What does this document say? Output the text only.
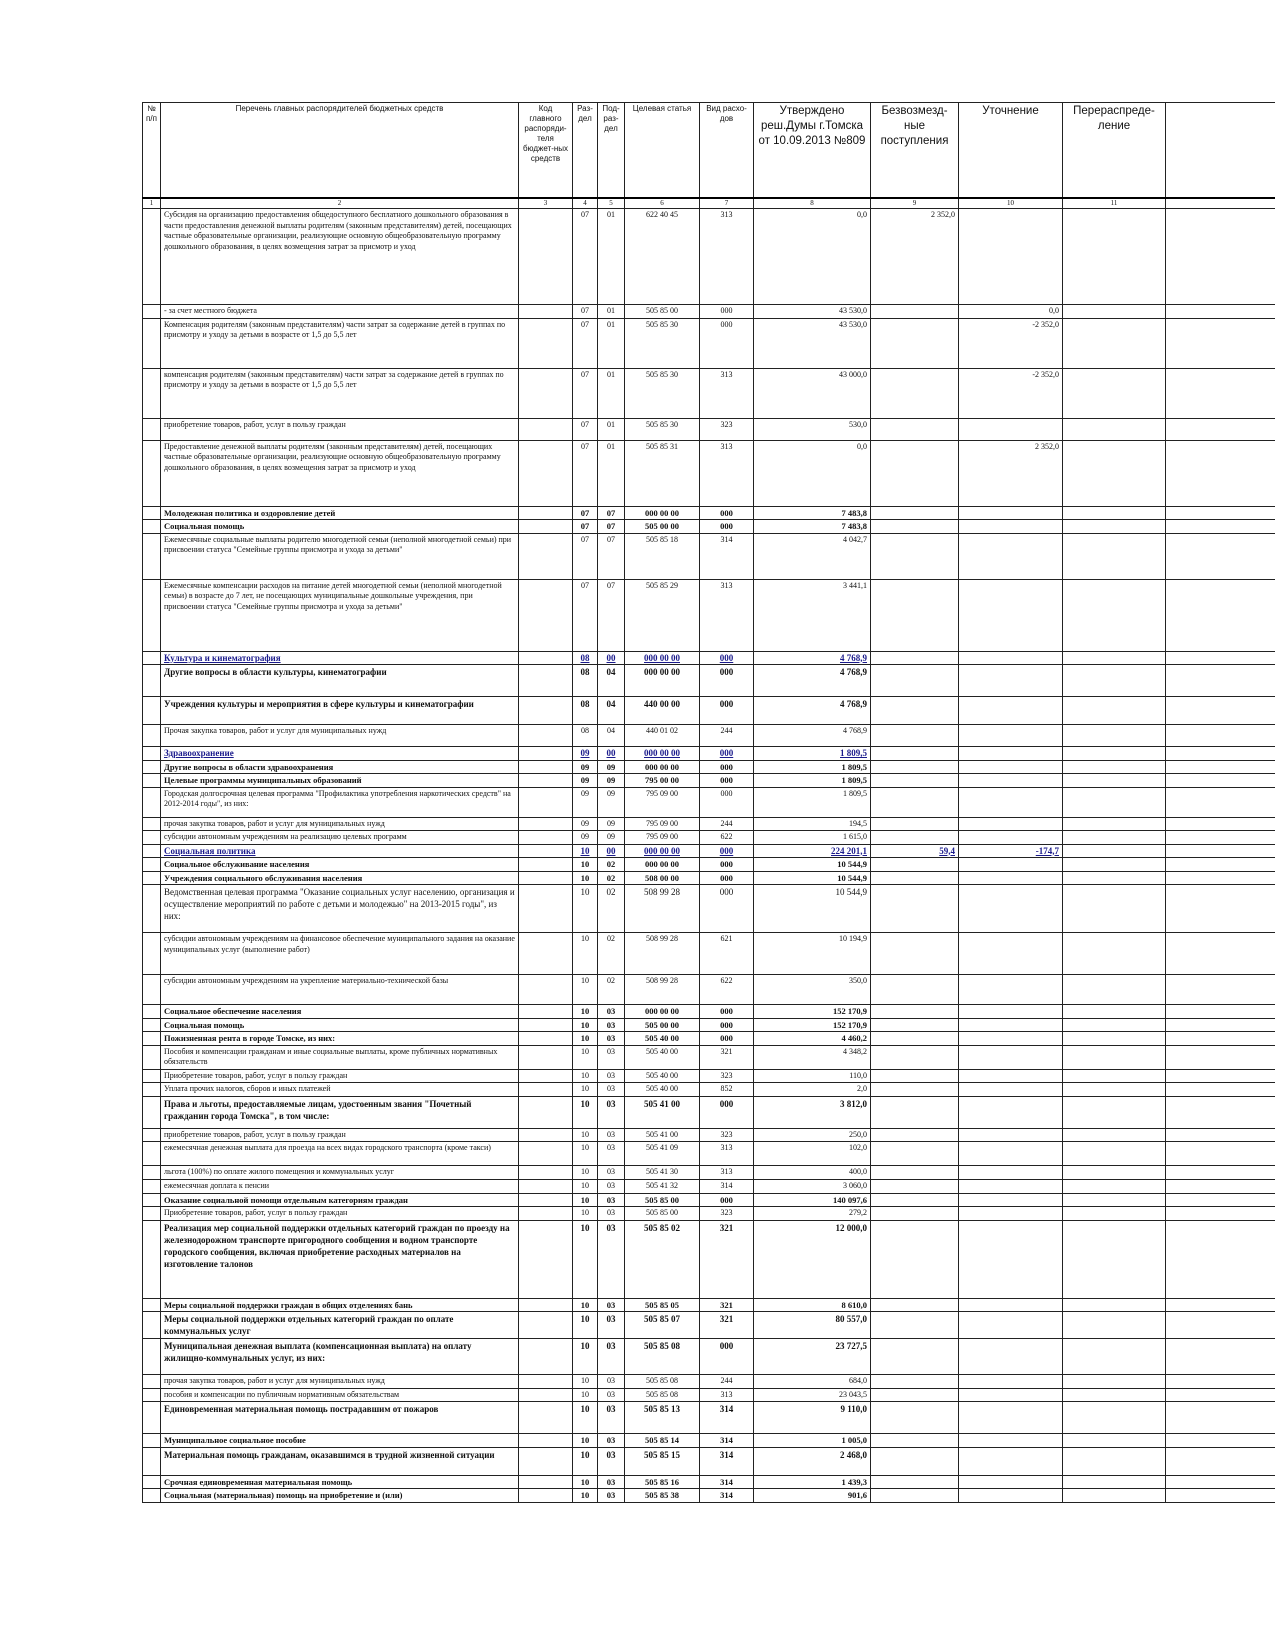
№ п/п	Перечень главных распорядителей бюджетных средств	Код главного распоряди-теля бюджет-ных средств	Раз-дел	Под-раз-дел	Целевая статья	Вид расхо-дов	Утверждено реш.Думы г.Томска от 10.09.2013 №809	Безвозмезд-ные поступления	Уточнение	Перераспреде-ление	
1	2	3	4	5	6	7	8	9	10	11	
	Субсидия на организацию предоставления общедоступного бесплатного дошкольного образования в части предоставления денежной выплаты родителям (законным представителям) детей, посещающих частные образовательные организации, реализующие основную общеобразовательную программу дошкольного образования, в целях возмещения затрат за присмотр и уход		07	01	622 40 45	313	0,0	2 352,0			
	- за счет местного бюджета		07	01	505 85 00	000	43 530,0		0,0		
	Компенсация родителям (законным представителям) части затрат за содержание детей в группах по присмотру и уходу за детьми в возрасте от 1,5 до 5,5 лет		07	01	505 85 30	000	43 530,0		-2 352,0		
	компенсация родителям (законным представителям) части затрат за содержание детей в группах по присмотру и уходу за детьми в возрасте от 1,5 до 5,5 лет		07	01	505 85 30	313	43 000,0		-2 352,0		
	приобретение товаров, работ, услуг в пользу граждан		07	01	505 85 30	323	530,0				
	Предоставление денежной выплаты родителям (законным представителям) детей, посещающих частные образовательные организации, реализующие основную общеобразовательную программу дошкольного образования, в целях возмещения затрат за присмотр и уход		07	01	505 85 31	313	0,0		2 352,0		
	Молодежная политика и оздоровление детей		07	07	000 00 00	000	7 483,8				
	Социальная помощь		07	07	505 00 00	000	7 483,8				
	Ежемесячные социальные выплаты родителю многодетной семьи (неполной многодетной семьи) при присвоении статуса "Семейные группы присмотра и ухода за детьми"		07	07	505 85 18	314	4 042,7				
	Ежемесячные компенсации расходов на питание детей многодетной семьи (неполной многодетной семьи) в возрасте до 7 лет, не посещающих муниципальные дошкольные учреждения, при присвоении статуса "Семейные группы присмотра и ухода за детьми"		07	07	505 85 29	313	3 441,1				
	Культура и кинематография		08	00	000 00 00	000	4 768,9				
	Другие вопросы в области культуры, кинематографии		08	04	000 00 00	000	4 768,9				
	Учреждения культуры и мероприятия в сфере культуры и кинематографии		08	04	440 00 00	000	4 768,9				
	Прочая закупка товаров, работ и услуг для муниципальных нужд		08	04	440 01 02	244	4 768,9				
	Здравоохранение		09	00	000 00 00	000	1 809,5				
	Другие вопросы в области здравоохранения		09	09	000 00 00	000	1 809,5				
	Целевые программы муниципальных образований		09	09	795 00 00	000	1 809,5				
	Городская долгосрочная целевая программа "Профилактика употребления наркотических средств" на 2012-2014 годы", из них:		09	09	795 09 00	000	1 809,5				
	прочая закупка товаров, работ и услуг для муниципальных нужд		09	09	795 09 00	244	194,5				
	субсидии автономным учреждениям на реализацию целевых программ		09	09	795 09 00	622	1 615,0				
	Социальная политика		10	00	000 00 00	000	224 201,1	59,4	-174,7		
	Социальное обслуживание населения		10	02	000 00 00	000	10 544,9				
	Учреждения социального обслуживания населения		10	02	508 00 00	000	10 544,9				
	Ведомственная целевая программа "Оказание социальных услуг населению, организация и осуществление мероприятий по работе с детьми и молодежью" на 2013-2015 годы", из них:		10	02	508 99 28	000	10 544,9				
	субсидии автономным учреждениям на финансовое обеспечение муниципального задания на оказание муниципальных услуг (выполнение работ)		10	02	508 99 28	621	10 194,9				
	субсидии автономным учреждениям на укрепление материально-технической базы		10	02	508 99 28	622	350,0				
	Социальное обеспечение населения		10	03	000 00 00	000	152 170,9				
	Социальная помощь		10	03	505 00 00	000	152 170,9				
	Пожизненная рента в городе Томске, из них:		10	03	505 40 00	000	4 460,2				
	Пособия и компенсации гражданам и иные социальные выплаты, кроме публичных нормативных обязательств		10	03	505 40 00	321	4 348,2				
	Приобретение товаров, работ, услуг в пользу граждан		10	03	505 40 00	323	110,0				
	Уплата прочих налогов, сборов и иных платежей		10	03	505 40 00	852	2,0				
	Права и льготы, предоставляемые лицам, удостоенным звания "Почетный гражданин города Томска", в том числе:		10	03	505 41 00	000	3 812,0				
	приобретение товаров, работ, услуг в пользу граждан		10	03	505 41 00	323	250,0				
	ежемесячная денежная выплата для проезда на всех видах городского транспорта (кроме такси)		10	03	505 41 09	313	102,0				
	льгота (100%) по оплате жилого помещения и коммунальных услуг		10	03	505 41 30	313	400,0				
	ежемесячная доплата к пенсии		10	03	505 41 32	314	3 060,0				
	Оказание социальной помощи отдельным категориям граждан		10	03	505 85 00	000	140 097,6				
	Приобретение товаров, работ, услуг в пользу граждан		10	03	505 85 00	323	279,2				
	Реализация мер социальной поддержки отдельных категорий граждан по проезду на железнодорожном транспорте пригородного сообщения и водном транспорте городского сообщения, включая приобретение расходных материалов на изготовление талонов		10	03	505 85 02	321	12 000,0				
	Меры социальной поддержки граждан в общих отделениях бань		10	03	505 85 05	321	8 610,0				
	Меры социальной поддержки отдельных категорий граждан по оплате коммунальных услуг		10	03	505 85 07	321	80 557,0				
	Муниципальная денежная выплата (компенсационная выплата) на оплату жилищно-коммунальных услуг, из них:		10	03	505 85 08	000	23 727,5				
	прочая закупка товаров, работ и услуг для муниципальных нужд		10	03	505 85 08	244	684,0				
	пособия и компенсации по публичным нормативным обязательствам		10	03	505 85 08	313	23 043,5				
	Единовременная материальная помощь пострадавшим от пожаров		10	03	505 85 13	314	9 110,0				
	Муниципальное социальное пособие		10	03	505 85 14	314	1 005,0				
	Материальная помощь гражданам, оказавшимся в трудной жизненной ситуации		10	03	505 85 15	314	2 468,0				
	Срочная единовременная материальная помощь		10	03	505 85 16	314	1 439,3				
	Социальная (материальная) помощь на приобретение и (или)		10	03	505 85 38	314	901,6				
